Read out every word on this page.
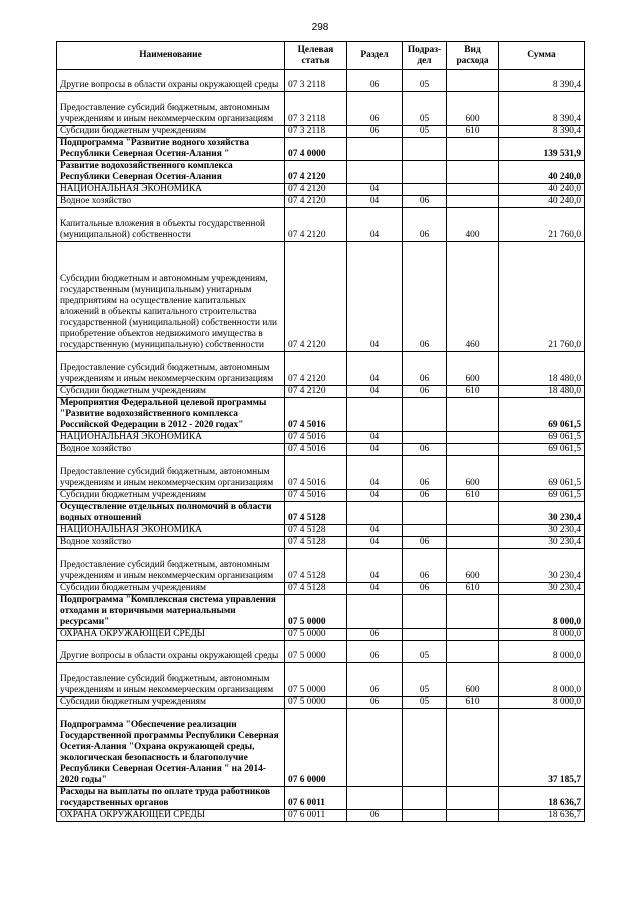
298
Наименование	Целевая статья	Раздел	Подраз- дел	Вид расхода	Сумма
Другие вопросы в области охраны окружающей среды	07 3 2118	06	05		8 390,4
Предоставление субсидий бюджетным, автономным учреждениям и иным некоммерческим организациям	07 3 2118	06	05	600	8 390,4
Субсидии бюджетным учреждениям	07 3 2118	06	05	610	8 390,4
Подпрограмма "Развитие водного хозяйства Республики Северная Осетия-Алания "	07 4 0000				139 531,9
Развитие водохозяйственного комплекса Республики Северная Осетия-Алания	07 4 2120				40 240,0
НАЦИОНАЛЬНАЯ ЭКОНОМИКА	07 4 2120	04			40 240,0
Водное хозяйство	07 4 2120	04	06		40 240,0
Капитальные вложения в объекты государственной (муниципальной) собственности	07 4 2120	04	06	400	21 760,0
Субсидии бюджетным и автономным учреждениям, государственным (муниципальным) унитарным предприятиям на осуществление капитальных вложений в объекты капитального строительства государственной (муниципальной) собственности или приобретение объектов недвижимого имущества в государственную (муниципальную) собственности	07 4 2120	04	06	460	21 760,0
Предоставление субсидий бюджетным, автономным учреждениям и иным некоммерческим организациям	07 4 2120	04	06	600	18 480,0
Субсидии бюджетным учреждениям	07 4 2120	04	06	610	18 480,0
Мероприятия Федеральной целевой программы "Развитие водохозяйственного комплекса Российской Федерации в 2012 - 2020 годах"	07 4 5016				69 061,5
НАЦИОНАЛЬНАЯ ЭКОНОМИКА	07 4 5016	04			69 061,5
Водное хозяйство	07 4 5016	04	06		69 061,5
Предоставление субсидий бюджетным, автономным учреждениям и иным некоммерческим организациям	07 4 5016	04	06	600	69 061,5
Субсидии бюджетным учреждениям	07 4 5016	04	06	610	69 061,5
Осуществление отдельных полномочий в области водных отношений	07 4 5128				30 230,4
НАЦИОНАЛЬНАЯ ЭКОНОМИКА	07 4 5128	04			30 230,4
Водное хозяйство	07 4 5128	04	06		30 230,4
Предоставление субсидий бюджетным, автономным учреждениям и иным некоммерческим организациям	07 4 5128	04	06	600	30 230,4
Субсидии бюджетным учреждениям	07 4 5128	04	06	610	30 230,4
Подпрограмма "Комплексная система управления отходами и вторичными материальными ресурсами"	07 5 0000				8 000,0
ОХРАНА ОКРУЖАЮЩЕЙ СРЕДЫ	07 5 0000	06			8 000,0
Другие вопросы в области охраны окружающей среды	07 5 0000	06	05		8 000,0
Предоставление субсидий бюджетным, автономным учреждениям и иным некоммерческим организациям	07 5 0000	06	05	600	8 000,0
Субсидии бюджетным учреждениям	07 5 0000	06	05	610	8 000,0
Подпрограмма "Обеспечение реализации Государственной программы Республики Северная Осетия-Алания "Охрана окружающей среды, экологическая безопасность и благополучие Республики Северная Осетия-Алания " на 2014-2020 годы"	07 6 0000				37 185,7
Расходы на выплаты по оплате труда работников государственных органов	07 6 0011				18 636,7
ОХРАНА ОКРУЖАЮЩЕЙ СРЕДЫ	07 6 0011	06			18 636,7
